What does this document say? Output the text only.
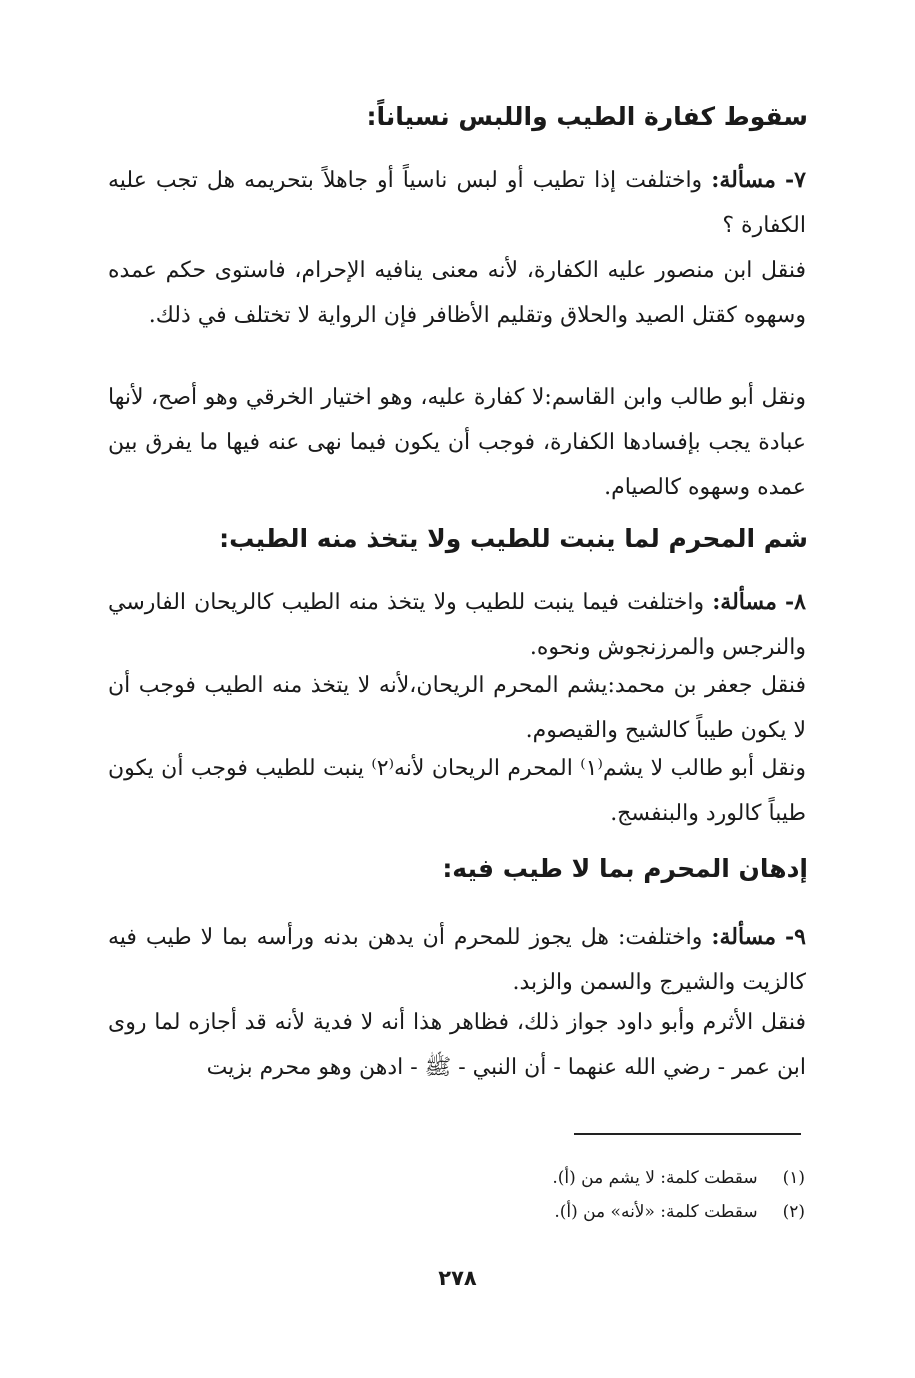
سقوط كفارة الطيب واللبس نسياناً:
٧- مسألة: واختلفت إذا تطيب أو لبس ناسياً أو جاهلاً بتحريمه هل تجب عليه الكفارة ؟
فنقل ابن منصور عليه الكفارة، لأنه معنى ينافيه الإحرام، فاستوى حكم عمده وسهوه كقتل الصيد والحلاق وتقليم الأظافر فإن الرواية لا تختلف في ذلك.
ونقل أبو طالب وابن القاسم:لا كفارة عليه، وهو اختيار الخرقي وهو أصح، لأنها عبادة يجب بإفسادها الكفارة، فوجب أن يكون فيما نهى عنه فيها ما يفرق بين عمده وسهوه كالصيام.
شم المحرم لما ينبت للطيب ولا يتخذ منه الطيب:
٨- مسألة: واختلفت فيما ينبت للطيب ولا يتخذ منه الطيب كالريحان الفارسي والنرجس والمرزنجوش ونحوه.
فنقل جعفر بن محمد:يشم المحرم الريحان،لأنه لا يتخذ منه الطيب فوجب أن لا يكون طيباً كالشيح والقيصوم.
ونقل أبو طالب لا يشم⁽١⁾ المحرم الريحان لأنه⁽٢⁾ ينبت للطيب فوجب أن يكون طيباً كالورد والبنفسج.
إدهان المحرم بما لا طيب فيه:
٩- مسألة: واختلفت: هل يجوز للمحرم أن يدهن بدنه ورأسه بما لا طيب فيه كالزيت والشيرج والسمن والزبد.
فنقل الأثرم وأبو داود جواز ذلك، فظاهر هذا أنه لا فدية لأنه قد أجازه لما روى ابن عمر - رضي الله عنهما - أن النبي - ﷺ - ادهن وهو محرم بزيت
(١) سقطت كلمة: لا يشم من (أ).
(٢) سقطت كلمة: «لأنه» من (أ).
٢٧٨
